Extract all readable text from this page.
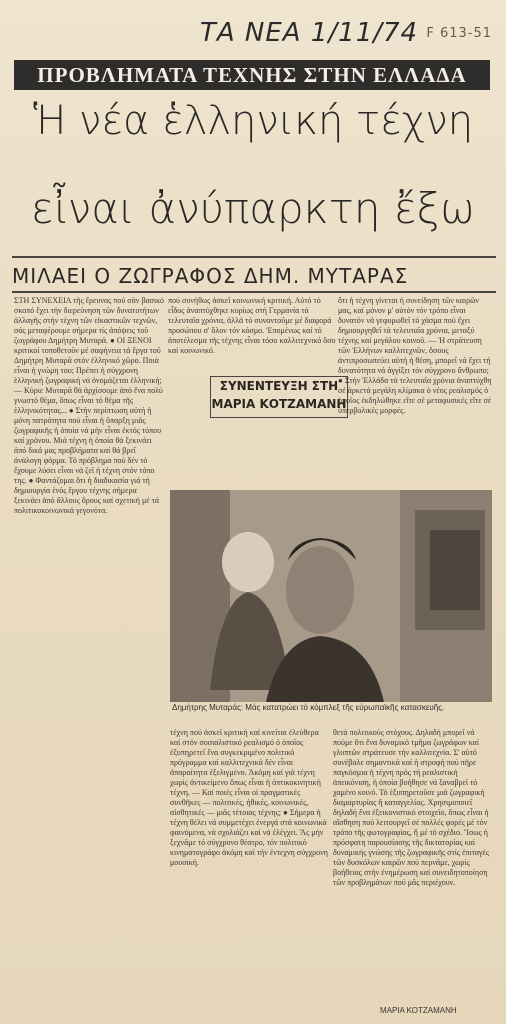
ΤΑ ΝΕΑ 1/11/74 F 613-51
ΠΡΟΒΛΗΜΑΤΑ ΤΕΧΝΗΣ ΣΤΗΝ ΕΛΛΑΔΑ
Ἡ νέα ἑλληνική τέχνη
εἶναι ἀνύπαρκτη ἔξω
ΜΙΛΑΕΙ Ο ΖΩΓΡΑΦΟΣ ΔΗΜ. ΜΥΤΑΡΑΣ
ΣΤΗ ΣΥΝΕΧΕΙΑ τῆς ἔρευνας πού σάν βασικό σκοπό ἔχει τήν διερεύνηση τῶν δυνατοτήτων ἀλλαγῆς στήν τέχνη τῶν εἰκαστικῶν τεχνῶν, σάς μεταφέρουμε σήμερα τίς ἀπόψεις τοῦ ζωγράφου Δημήτρη Μυταρᾶ. ● ΟΙ ΞΕΝΟΙ κριτικοί τοποθετοῦν μέ σαφήνεια τά ἔργα τοῦ Δημήτρη Μυταρᾶ στόν ἑλληνικό χῶρο. Ποιά εἶναι ἡ γνώμη του; Πρέπει ἡ σύγχρονη ἑλληνική ζωγραφική νά ὀνομάζεται ἑλληνική; — Κύριε Μυταρᾶ θά ἀρχίσουμε ἀπό ἕνα πολύ γνωστό θέμα, ὅπως εἶναι τό θέμα τῆς ἑλληνικότητας... ● Στήν περίπτωση αὐτή ἡ μόνη πατρότητα πού εἶναι ἡ ὕπαρξη μιᾶς ζωγραφικῆς ἡ ὁποία νά μήν εἶναι ἐκτός τόπου καί χρόνου. Μιά τέχνη ἡ ὁποία θά ξεκινάει ἀπό δικά μας προβλήματα καί θά βρεῖ ἀνάλογη φόρμα. Τό πρόβλημα πού δέν τό ἔχουμε λύσει εἶναι νά ζεῖ ἡ τέχνη στόν τόπο της. ● Φαντάζομαι ὅτι ἡ διαδικασία γιά τή δημιουργία ἑνός ἔργου τέχνης σήμερα ξεκινάει ἀπό ἄλλους ὅρους καί σχετική μέ τά πολιτικοκοινωνικά γεγονότα.
πού συνήθως ἀσκεῖ κοινωνική κριτική. Αὐτό τό εἶδος ἀναπτύχθηκε κυρίως στή Γερμανία τά τελευταῖα χρόνια, ἀλλά τό συναντοῦμε μέ διαφορά προσώπου σ' ὅλον τόν κόσμο. 'Επομένως καί τό ἀποτέλεσμα τῆς τέχνης εἶναι τόσο καλλιτεχνικό ὅσο καί κοινωνικό.
ΣΥΝΕΝΤΕΥΞΗ ΣΤΗ
ΜΑΡΙΑ ΚΟΤΖΑΜΑΝΗ
ὅτι ἡ τέχνη γίνεται ἡ συνείδηση τῶν καιρῶν μας, καί μόνον μ' αὐτόν τόν τρόπο εἶναι δυνατόν νά γεφυρωθεῖ τό χάσμα πού ἔχει δημιουργηθεῖ τά τελευταῖα χρόνια, μεταξύ τέχνης καί μεγάλου κοινοῦ. — Ἡ στράτευση τῶν Ἑλλήνων καλλιτεχνῶν, ὅσους ἀντιπροσωπεύει αὐτή ἡ θέση, μπορεῖ νά ἔχει τή δυνατότητα νά ἀγγίξει τόν σύγχρονο ἄνθρωπο; ● Στήν Ἑλλάδα τά τελευταῖα χρόνια ἀναπτύχθη σέ ἀρκετά μεγάλη κλίμακα ὁ νέος ρεαλισμός ὁ ὁποῖος ἐκδηλώθηκε εἴτε σέ μεταφυσικές εἴτε σέ ὑπερβολικές μορφές.
Δημήτρης Μυταράς: Μάς κατατρώει τό κόμπλεξ τῆς εὐρωπαϊκῆς κατασκευῆς.
τέχνη πού ἀσκεῖ κριτική καί κινεῖται ἐλεύθερα καί στόν σοσιαλιστικό ρεαλισμό ὁ ὁποῖος ἐξυπηρετεῖ ἕνα συγκεκριμένο πολιτικό πρόγραμμα καί καλλιτεχνικά δέν εἶναι ἀπαραίτητα ἐξελιγμένο. Ἀκόμη καί γιά τέχνη χωρίς ἀντικείμενο ὅπως εἶναι ἡ ὀπτικοκινητική τέχνη. — Καί ποιές εἶναι οἱ πραγματικές συνθῆκες — πολιτικές, ἠθικές, κοινωνικές, αἰσθητικές — μιᾶς τέτοιας τέχνης; ● Σήμερα ἡ τέχνη θέλει νά συμμετέχει ἐνεργά στά κοινωνικά φαινόμενα, νά σχολιάζει καί νά ἐλέγχει. Ἄς μήν ξεχνᾶμε τό σύγχρονο θέατρο, τόν πολιτικό κινηματογράφο ἀκόμη καί τήν ἐντεχνη σύγχρονη μουσική.
θετά πολιτικούς στόχους. Δηλαδή μπορεῖ νά πούμε ὅτι ἕνα δυναμικό τμῆμα ζωγράφων καί γλυπτῶν στράτευσε τήν καλλιτεχνία. Σ' αὐτό συνέβαλε σημαντικά καί ἡ στροφή πού πῆρε παγκόσμια ἡ τέχνη πρός τή ρεαλιστική ἀπεικόνιση, ἡ ὁποία βοήθησε νά ξαναβρεῖ τό χαμένο κοινό. Τό ἐξυπηρετοῦσε μιά ζωγραφική διαμαρτυρίας ἤ καταγγελίας. Χρησιμοποιεῖ δηλαδή ἕνα ἐξεικονιστικό στοιχεῖο, ὅπως εἶναι ἡ αἴσθηση πού λειτουργεῖ σέ πολλές φορές μέ τόν τρόπο τῆς φωτογραφίας, ἤ μέ τό σχέδιο. Ἴσως ἡ πρόσφατη παρουσίασης τῆς δικτατορίας καί δυναμικής γνώσης τῆς ζωγραφικῆς στίς ἐπιταγές τῶν δυσκόλων καιρῶν πού περνᾶμε, χωρίς βοήθειας στήν ἐνημέρωση καί συνειδητοποίηση τῶν προβλημάτων πού μᾶς περιέχουν.
ΜΑΡΙΑ ΚΟΤΖΑΜΑΝΗ
